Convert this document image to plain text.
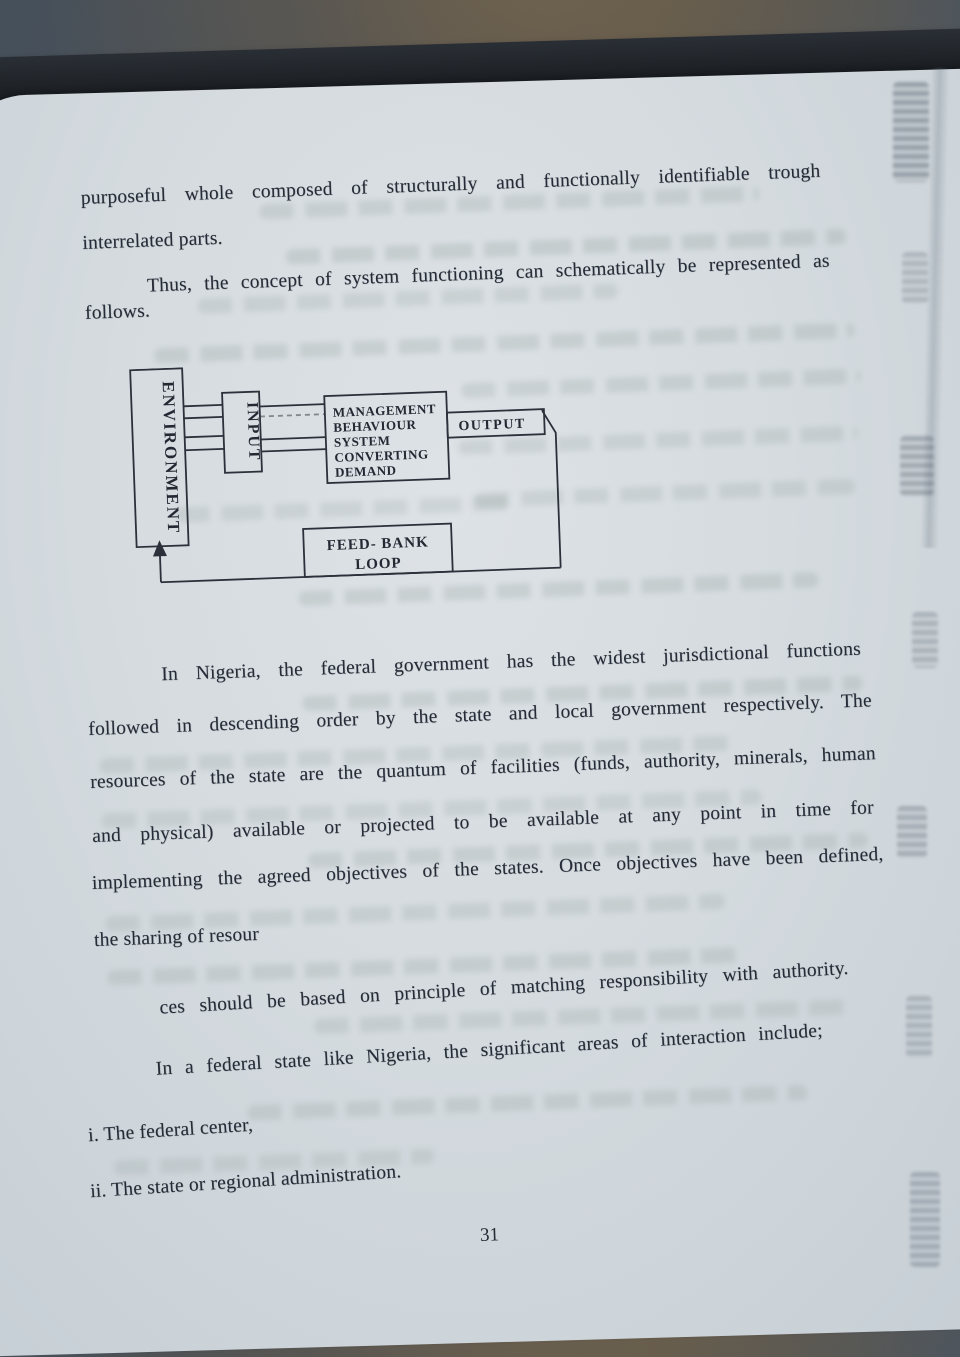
purposeful whole composed of structurally and functionally identifiable trough
interrelated parts.
Thus, the concept of system functioning can schematically be represented as
follows.
ENVIRONMENT	INPUT	MANAGEMENT
BEHAVIOUR
SYSTEM
CONVERTING
DEMAND
OUTPUT
FEED- BANK
LOOP
In Nigeria, the federal government has the widest jurisdictional functions
followed in descending order by the state and local government respectively. The
resources of the state are the quantum of facilities (funds, authority, minerals, human
and physical) available or projected to be available at any point in time for
implementing the agreed objectives of the states. Once objectives have been defined,
the sharing of resour
ces should be based on principle of matching responsibility with authority.
In a federal state like Nigeria, the significant areas of interaction include;
i. The federal center,
ii. The state or regional administration.
31
